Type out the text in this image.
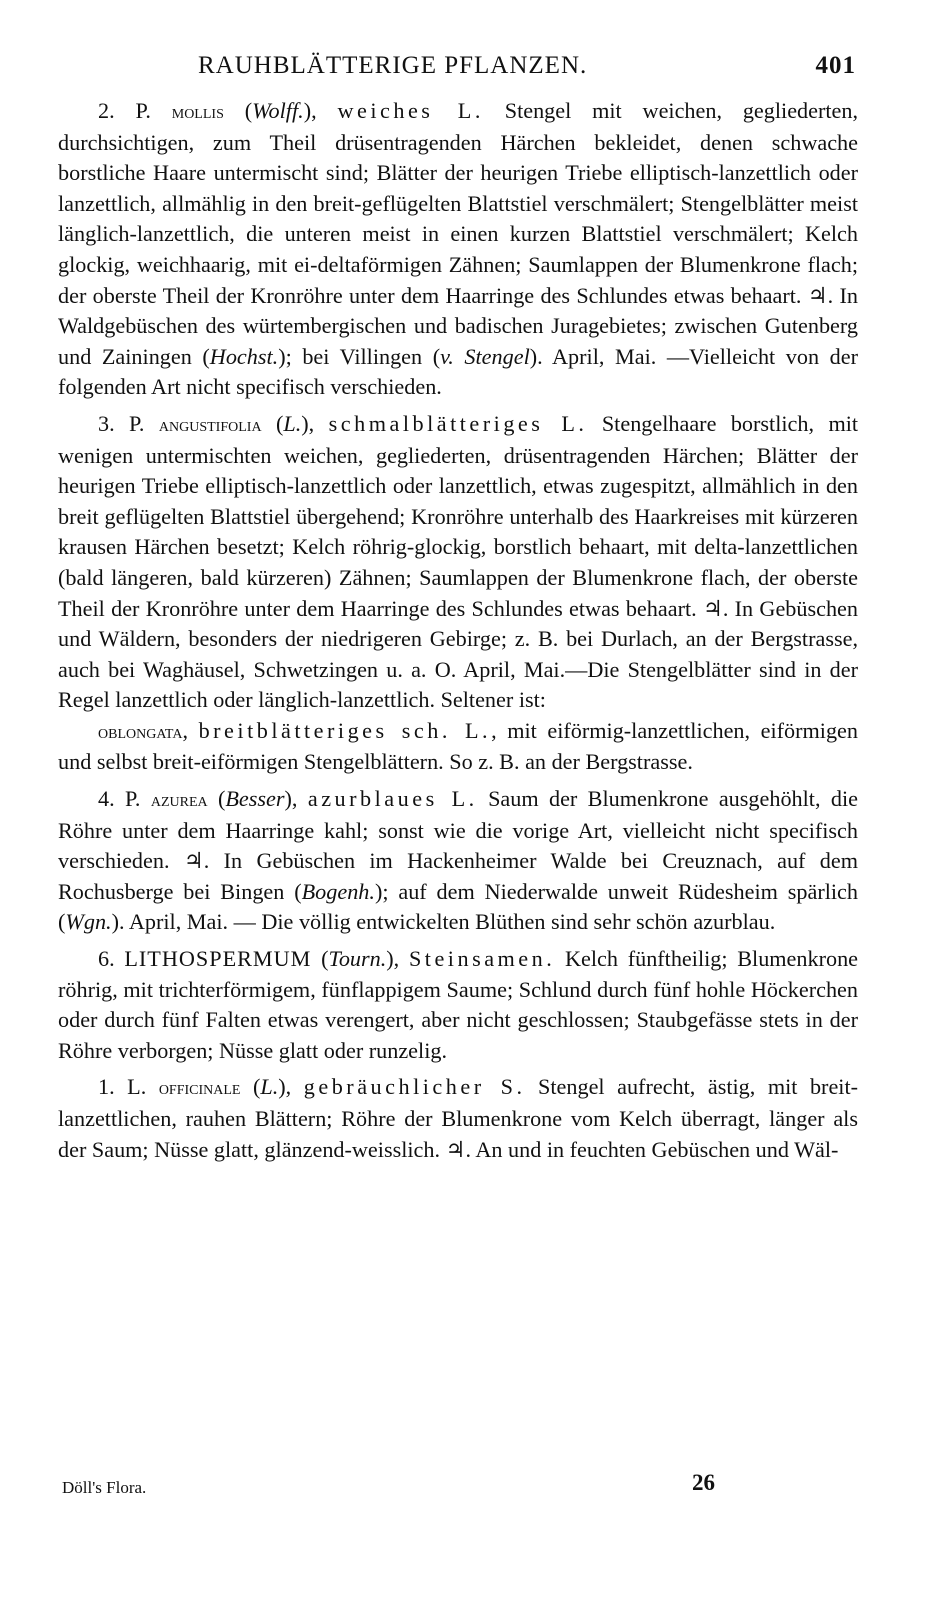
RAUHBLÄTTERIGE PFLANZEN.	401

2. P. mollis (Wolff.), weiches L. Stengel mit weichen, gegliederten, durchsichtigen, zum Theil drüsentragenden Härchen bekleidet, denen schwache borstliche Haare untermischt sind; Blätter der heurigen Triebe elliptisch-lanzettlich oder lanzettlich, allmählig in den breit-geflügelten Blattstiel verschmälert; Stengelblätter meist länglich-lanzettlich, die unteren meist in einen kurzen Blattstiel verschmälert; Kelch glockig, weichhaarig, mit ei-deltaförmigen Zähnen; Saumlappen der Blumenkrone flach; der oberste Theil der Kronröhre unter dem Haarringe des Schlundes etwas behaart. ♃. In Waldgebüschen des würtembergischen und badischen Juragebietes; zwischen Gutenberg und Zainingen (Hochst.); bei Villingen (v. Stengel). April, Mai. —Vielleicht von der folgenden Art nicht specifisch verschieden.

3. P. angustifolia (L.), schmalblätteriges L. Stengelhaare borstlich, mit wenigen untermischten weichen, gegliederten, drüsentragenden Härchen; Blätter der heurigen Triebe elliptisch-lanzettlich oder lanzettlich, etwas zugespitzt, allmählich in den breit geflügelten Blattstiel übergehend; Kronröhre unterhalb des Haarkreises mit kürzeren krausen Härchen besetzt; Kelch röhrig-glockig, borstlich behaart, mit delta-lanzettlichen (bald längeren, bald kürzeren) Zähnen; Saumlappen der Blumenkrone flach, der oberste Theil der Kronröhre unter dem Haarringe des Schlundes etwas behaart. ♃. In Gebüschen und Wäldern, besonders der niedrigeren Gebirge; z. B. bei Durlach, an der Bergstrasse, auch bei Waghäusel, Schwetzingen u. a. O. April, Mai.—Die Stengelblätter sind in der Regel lanzettlich oder länglich-lanzettlich. Seltener ist:

oblongata, breitblätteriges sch. L., mit eiförmig-lanzettlichen, eiförmigen und selbst breit-eiförmigen Stengelblättern. So z. B. an der Bergstrasse.

4. P. azurea (Besser), azurblaues L. Saum der Blumenkrone ausgehöhlt, die Röhre unter dem Haarringe kahl; sonst wie die vorige Art, vielleicht nicht specifisch verschieden. ♃. In Gebüschen im Hackenheimer Walde bei Creuznach, auf dem Rochusberge bei Bingen (Bogenh.); auf dem Niederwalde unweit Rüdesheim spärlich (Wgn.). April, Mai. — Die völlig entwickelten Blüthen sind sehr schön azurblau.

6. LITHOSPERMUM (Tourn.), Steinsamen. Kelch fünftheilig; Blumenkrone röhrig, mit trichterförmigem, fünflappigem Saume; Schlund durch fünf hohle Höckerchen oder durch fünf Falten etwas verengert, aber nicht geschlossen; Staubgefässe stets in der Röhre verborgen; Nüsse glatt oder runzelig.

1. L. officinale (L.), gebräuchlicher S. Stengel aufrecht, ästig, mit breit-lanzettlichen, rauhen Blättern; Röhre der Blumenkrone vom Kelch überragt, länger als der Saum; Nüsse glatt, glänzend-weisslich. ♃. An und in feuchten Gebüschen und Wäl-

Döll's Flora.	26
